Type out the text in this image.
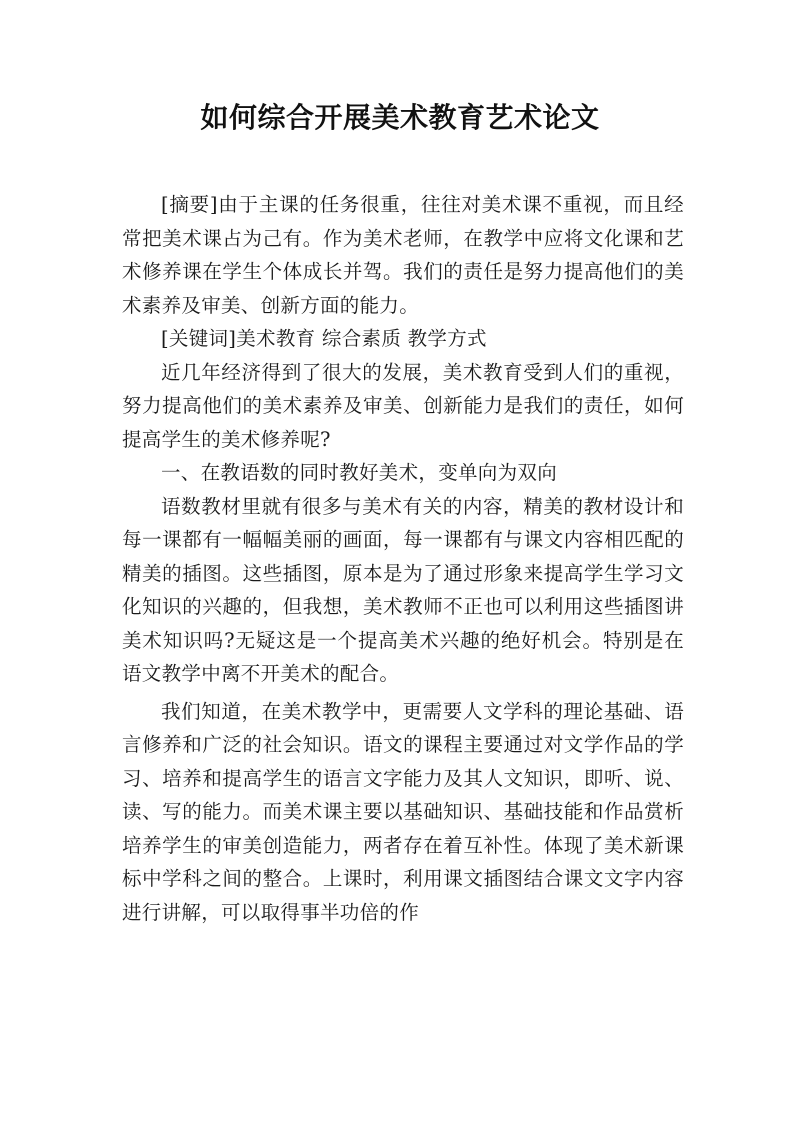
如何综合开展美术教育艺术论文

[摘要]由于主课的任务很重，往往对美术课不重视，而且经常把美术课占为己有。作为美术老师，在教学中应将文化课和艺术修养课在学生个体成长并驾。我们的责任是努力提高他们的美术素养及审美、创新方面的能力。

[关键词]美术教育 综合素质 教学方式

近几年经济得到了很大的发展，美术教育受到人们的重视，努力提高他们的美术素养及审美、创新能力是我们的责任，如何提高学生的美术修养呢?

一、在教语数的同时教好美术，变单向为双向

语数教材里就有很多与美术有关的内容，精美的教材设计和每一课都有一幅幅美丽的画面，每一课都有与课文内容相匹配的精美的插图。这些插图，原本是为了通过形象来提高学生学习文化知识的兴趣的，但我想，美术教师不正也可以利用这些插图讲美术知识吗?无疑这是一个提高美术兴趣的绝好机会。特别是在语文教学中离不开美术的配合。

我们知道，在美术教学中，更需要人文学科的理论基础、语言修养和广泛的社会知识。语文的课程主要通过对文学作品的学习、培养和提高学生的语言文字能力及其人文知识，即听、说、读、写的能力。而美术课主要以基础知识、基础技能和作品赏析培养学生的审美创造能力，两者存在着互补性。体现了美术新课标中学科之间的整合。上课时，利用课文插图结合课文文字内容进行讲解，可以取得事半功倍的作
